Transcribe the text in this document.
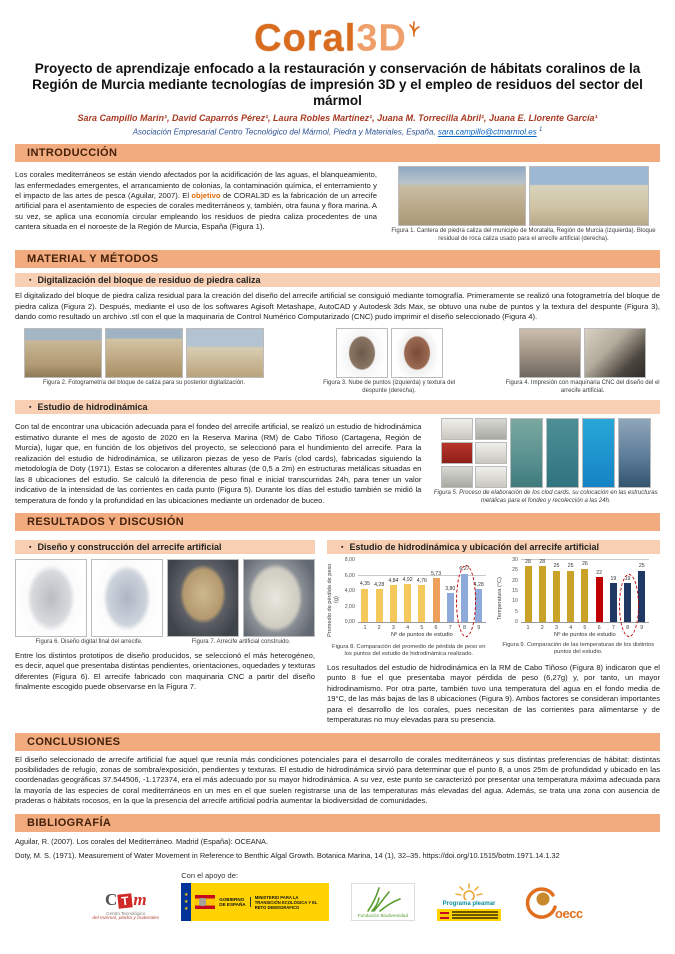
Coral3D
Proyecto de aprendizaje enfocado a la restauración y conservación de hábitats coralinos de la Región de Murcia mediante tecnologías de impresión 3D y el empleo de residuos del sector del mármol
Sara Campillo Marín¹, David Caparrós Pérez¹, Laura Robles Martínez¹, Juana M. Torrecilla Abril¹, Juana E. Llorente García¹
Asociación Empresarial Centro Tecnológico del Mármol, Piedra y Materiales, España, sara.campillo@ctmarmol.es $^1$
INTRODUCCIÓN
Los corales mediterráneos se están viendo afectados por la acidificación de las aguas, el blanqueamiento, las enfermedades emergentes, el arrancamiento de colonias, la contaminación química, el enterramiento y el impacto de las artes de pesca (Aguilar, 2007). El objetivo de CORAL3D es la fabricación de un arrecife artificial para el asentamiento de especies de corales mediterráneos y, también, otra fauna y flora marina. A su vez, se aplica una economía circular empleando los residuos de piedra caliza procedentes de una cantera situada en el noroeste de la Región de Murcia, España (Figura 1).	Figura 1. Cantera de piedra caliza del municipio de Moratalla, Región de Murcia (izquierda). Bloque residual de roca caliza usado para el arrecife artificial (derecha).
MATERIAL Y MÉTODOS
▪ Digitalización del bloque de residuo de piedra caliza
El digitalizado del bloque de piedra caliza residual para la creación del diseño del arrecife artificial se consiguió mediante tomografía. Primeramente se realizó una fotogrametría del bloque de piedra caliza (Figura 2). Después, mediante el uso de los softwares Agisoft Metashape, AutoCAD y Autodesk 3ds Max, se obtuvo una nube de puntos y la textura del despunte (Figura 3), dando como resultado un archivo .stl con el que la maquinaria de Control Numérico Computarizado (CNC) pudo imprimir el diseño seleccionado (Figura 4).
Figura 2. Fotogrametría del bloque de caliza para su posterior digitalización.	Figura 3. Nube de puntos (izquierda) y textura del despunte (derecha).
Figura 4. Impresión con maquinaria CNC del diseño del el arrecife artificial.
▪ Estudio de hidrodinámica
Con tal de encontrar una ubicación adecuada para el fondeo del arrecife artificial, se realizó un estudio de hidrodinámica estimativo durante el mes de agosto de 2020 en la Reserva Marina (RM) de Cabo Tiñoso (Cartagena, Región de Murcia), lugar que, en función de los objetivos del proyecto, se seleccionó para el hundimiento del arrecife. Para la realización del estudio de hidrodinámica, se utilizaron piezas de yeso de París (clod cards), fabricadas siguiendo la metodología de Doty (1971). Estas se colocaron a diferentes alturas (de 0,5 a 2m) en estructuras metálicas situadas en las 8 ubicaciones del estudio. Se calculó la diferencia de peso final e inicial transcurridas 24h, para tener un valor indicativo de la intensidad de las corrientes en cada punto (Figura 5). Durante los días del estudio también se midió la temperatura de fondo y la profundidad en las ubicaciones mediante un ordenador de buceo.
Figura 5. Proceso de elaboración de los clod cards, su colocación en las estructuras metálicas para el fondeo y recolección a las 24h.
RESULTADOS Y DISCUSIÓN
▪ Diseño y construcción del arrecife artificial
Figura 6. Diseño digital final del arrecife.	Figura 7. Arrecife artificial construido.
Entre los distintos prototipos de diseño producidos, se seleccionó el más heterogéneo, es decir, aquel que presentaba distintas pendientes, orientaciones, oquedades y texturas diferentes (Figura 6). El arrecife fabricado con maquinaria CNC a partir del diseño finalmente escogido puede observarse en la Figura 7.
▪ Estudio de hidrodinámica y ubicación del arrecife artificial
Promedio de pérdida de peso (g)
0,00
2,00
4,00
6,00
8,00
4,35 4,28
4,84 4,92 4,76
5,73
3,80
6,27
4,28
1	2	3	4	5	6	7	8	9
Nº de puntos de estudio
Figura 8. Comparación del promedio de pérdida de peso en los puntos del estudio de hidrodinámica realizado.
Temperatura (°C)
0
5
10
15
20
25
30 28 28
25 25 26
22
19 19
25
1	2	3	4	5	6	7	8	9
Nº de puntos de estudio
Figura 9. Comparación de las temperaturas de los distintos puntos del estudio.
Los resultados del estudio de hidrodinámica en la RM de Cabo Tiñoso (Figura 8) indicaron que el punto 8 fue el que presentaba mayor pérdida de peso (6,27g) y, por tanto, un mayor hidrodinamismo. Por otra parte, también tuvo una temperatura del agua en el fondo media de 19°C, de las más bajas de las 8 ubicaciones (Figura 9). Ambos factores se consideran importantes para el desarrollo de los corales, pues necesitan de las corrientes para alimentarse y de temperaturas no muy elevadas para su presencia.
CONCLUSIONES
El diseño seleccionado de arrecife artificial fue aquel que reunía más condiciones potenciales para el desarrollo de corales mediterráneos y sus distintas preferencias de hábitat: distintas posibilidades de refugio, zonas de sombra/exposición, pendientes y texturas. El estudio de hidrodinámica sirvió para determinar que el punto 8, a unos 25m de profundidad y ubicado en las coordenadas geográficas 37.544506, -1.172374, era el más adecuado por su mayor hidrodinámica. A su vez, este punto se caracterizó por presentar una temperatura máxima adecuada para la mayoría de las especies de coral mediterráneos en un mes en el que suelen registrarse una de las temperaturas más elevadas del agua. Además, se trata una zona con ausencia de praderas o hábitats rocosos, en la que la presencia del arrecife artificial podría aumentar la biodiversidad de comunidades.
BIBLIOGRAFÍA
Aguilar, R. (2007). Los corales del Mediterráneo. Madrid (España): OCEANA.
Doty, M. S. (1971). Measurement of Water Movement in Reference to Benthic Algal Growth. Botanica Marina, 14 (1), 32–35. https://doi.org/10.1515/botm.1971.14.1.32
C T m
Centro Tecnológico
del mármol, piedra y materiales
Con el apoyo de:
★
★
★
GOBIERNO
DE ESPAÑA
MINISTERIO PARA LA TRANSICIÓN ECOLÓGICA Y EL RETO DEMOGRÁFICO
Fundación Biodiversidad
Programa pleamar
oecc
